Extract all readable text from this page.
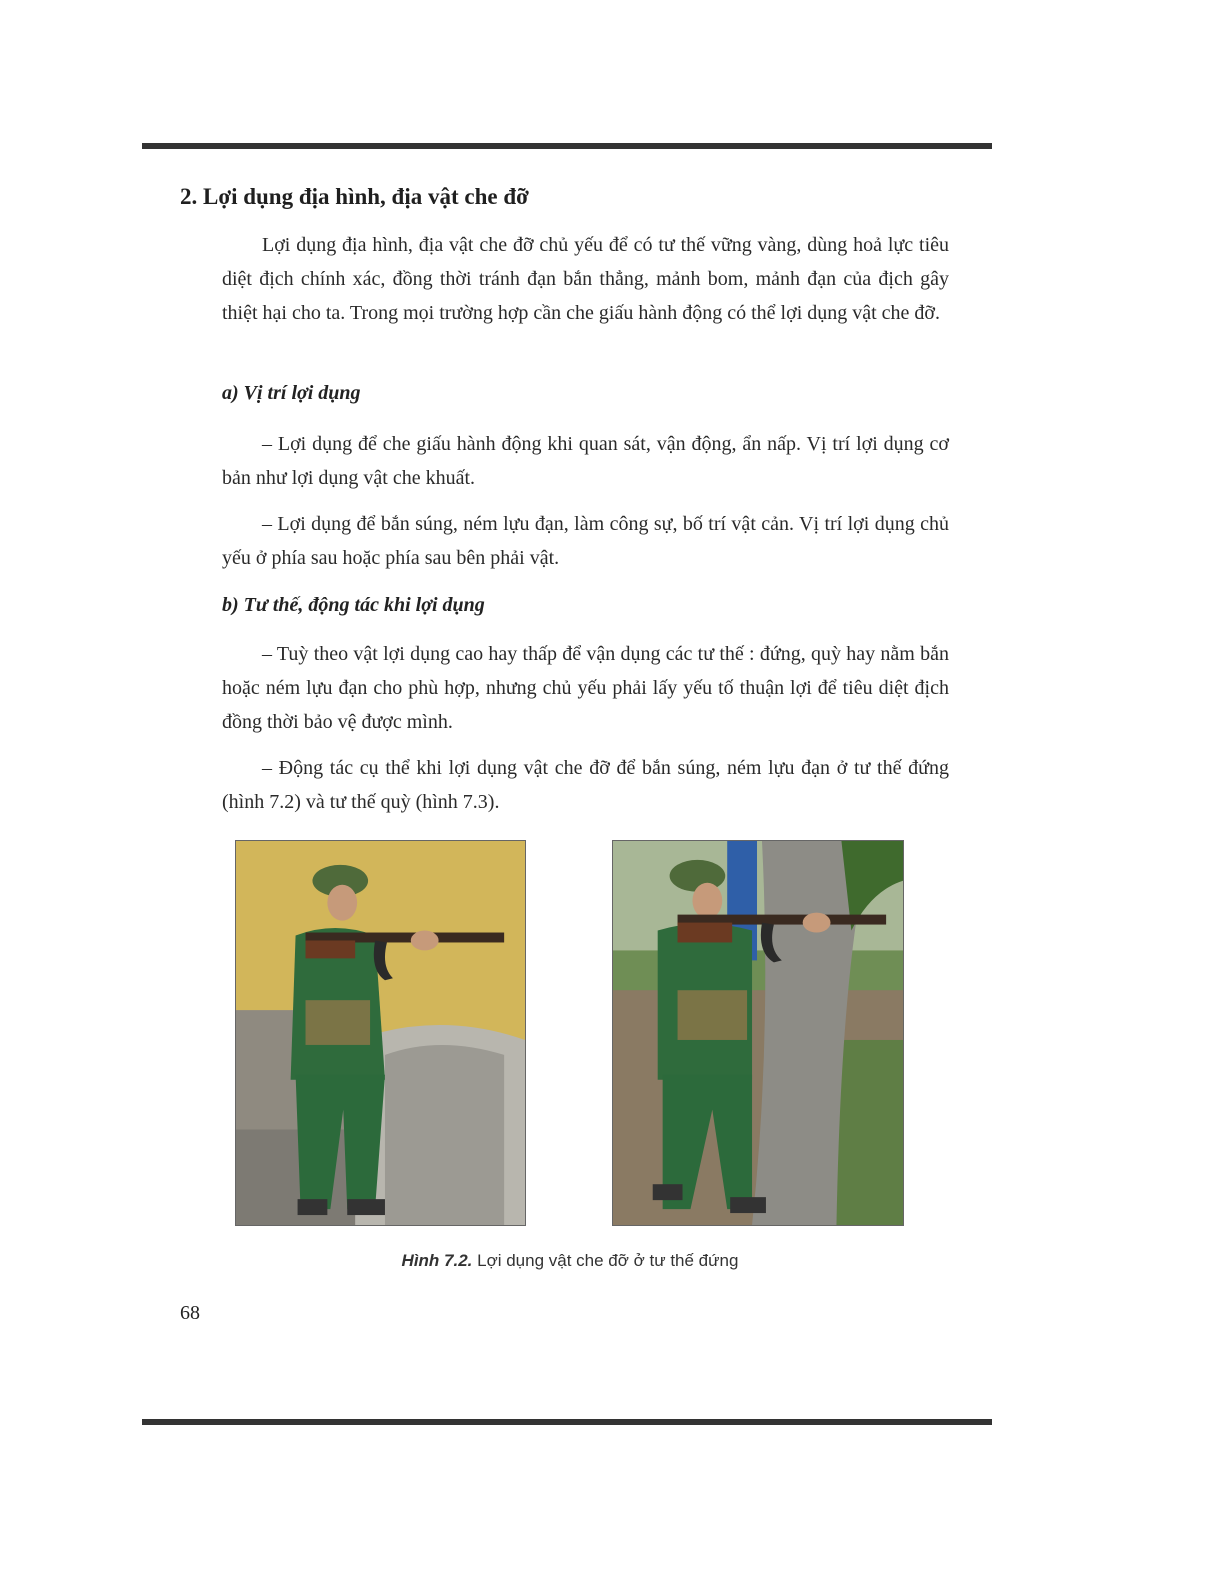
2. Lợi dụng địa hình, địa vật che đỡ

Lợi dụng địa hình, địa vật che đỡ chủ yếu để có tư thế vững vàng, dùng hoả lực tiêu diệt địch chính xác, đồng thời tránh đạn bắn thẳng, mảnh bom, mảnh đạn của địch gây thiệt hại cho ta. Trong mọi trường hợp cần che giấu hành động có thể lợi dụng vật che đỡ.

a) Vị trí lợi dụng

– Lợi dụng để che giấu hành động khi quan sát, vận động, ẩn nấp. Vị trí lợi dụng cơ bản như lợi dụng vật che khuất.

– Lợi dụng để bắn súng, ném lựu đạn, làm công sự, bố trí vật cản. Vị trí lợi dụng chủ yếu ở phía sau hoặc phía sau bên phải vật.

b) Tư thế, động tác khi lợi dụng

– Tuỳ theo vật lợi dụng cao hay thấp để vận dụng các tư thế : đứng, quỳ hay nằm bắn hoặc ném lựu đạn cho phù hợp, nhưng chủ yếu phải lấy yếu tố thuận lợi để tiêu diệt địch đồng thời bảo vệ được mình.

– Động tác cụ thể khi lợi dụng vật che đỡ để bắn súng, ném lựu đạn ở tư thế đứng (hình 7.2) và tư thế quỳ (hình 7.3).

Hình 7.2. Lợi dụng vật che đỡ ở tư thế đứng
68
